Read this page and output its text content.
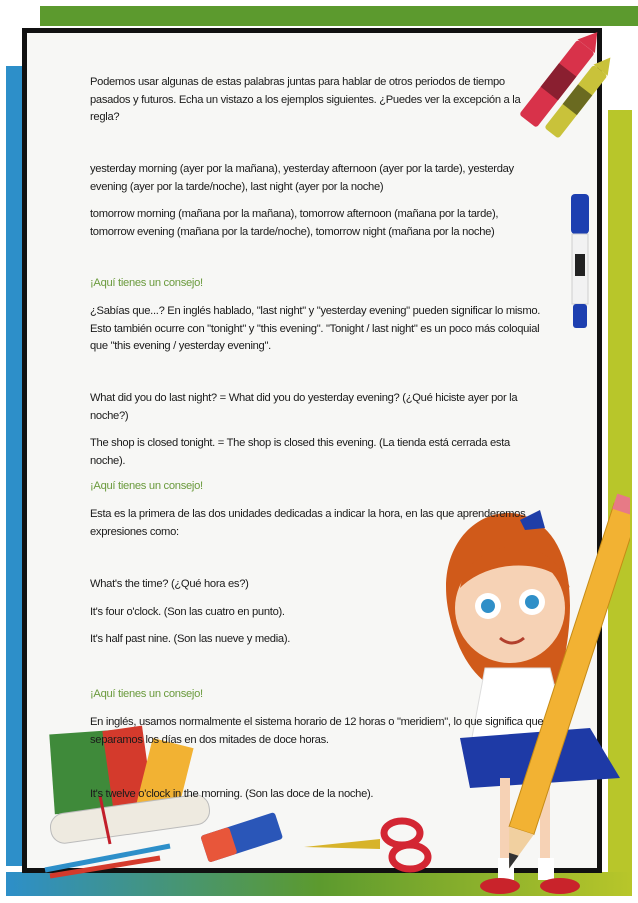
Podemos usar algunas de estas palabras juntas para hablar de otros periodos de tiempo pasados y futuros. Echa un vistazo a los ejemplos siguientes. ¿Puedes ver la excepción a la regla?

yesterday morning (ayer por la mañana), yesterday afternoon (ayer por la tarde), yesterday evening (ayer por la tarde/noche), last night (ayer por la noche)

tomorrow morning (mañana por la mañana), tomorrow afternoon (mañana por la tarde), tomorrow evening (mañana por la tarde/noche), tomorrow night (mañana por la noche)

¡Aquí tienes un consejo!

¿Sabías que...? En inglés hablado, "last night" y "yesterday evening" pueden significar lo mismo. Esto también ocurre con "tonight" y "this evening". "Tonight / last night" es un poco más coloquial que "this evening / yesterday evening".

What did you do last night? = What did you do yesterday evening? (¿Qué hiciste ayer por la noche?)

The shop is closed tonight. = The shop is closed this evening. (La tienda está cerrada esta noche).

¡Aquí tienes un consejo!

Esta es la primera de las dos unidades dedicadas a indicar la hora, en las que aprenderemos expresiones como:

What's the time? (¿Qué hora es?)

It's four o'clock. (Son las cuatro en punto).

It's half past nine. (Son las nueve y media).

¡Aquí tienes un consejo!

En inglés, usamos normalmente el sistema horario de 12 horas o "meridiem", lo que significa que separamos los días en dos mitades de doce horas.

It's twelve o'clock in the morning. (Son las doce de la noche).
